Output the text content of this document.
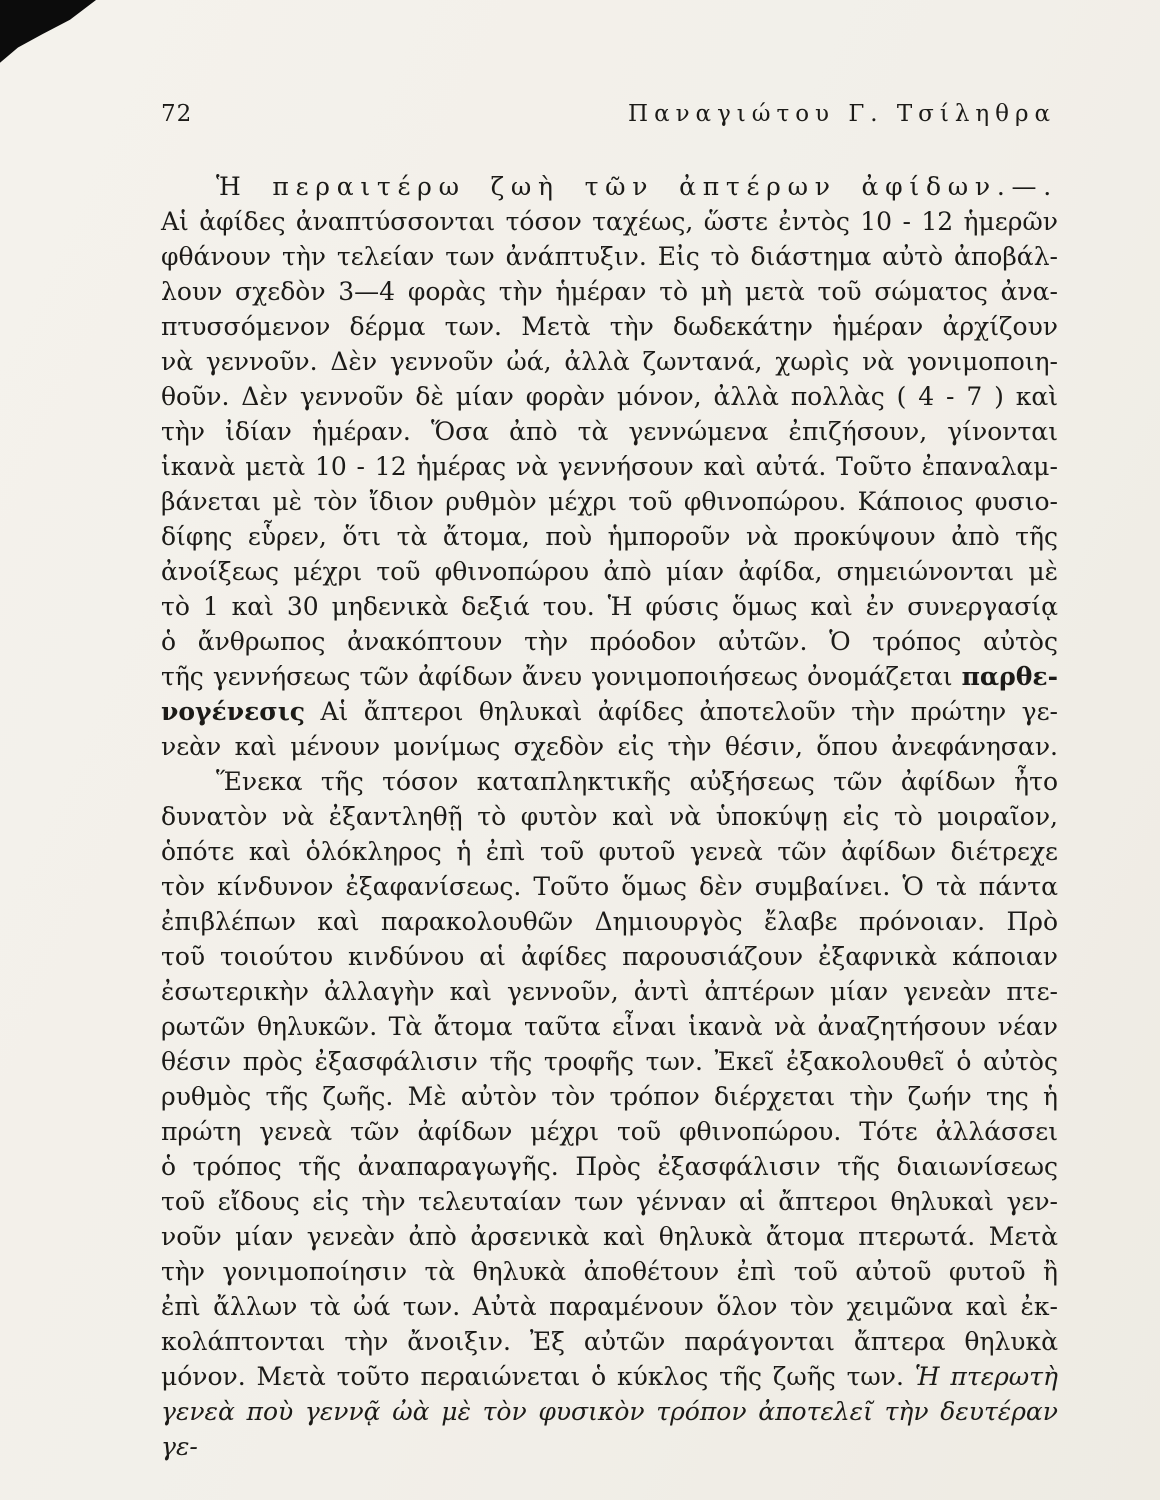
72	Παναγιώτου Γ. Τσίληθρα
Ἡ περαιτέρω ζωὴ τῶν ἀπτέρων ἀφίδων.—.
Αἱ ἀφίδες ἀναπτύσσονται τόσον ταχέως, ὥστε ἐντὸς 10 - 12 ἡμερῶν
φθάνουν τὴν τελείαν των ἀνάπτυξιν. Εἰς τὸ διάστημα αὐτὸ ἀποβάλ-
λουν σχεδὸν 3—4 φορὰς τὴν ἡμέραν τὸ μὴ μετὰ τοῦ σώματος ἀνα-
πτυσσόμενον δέρμα των. Μετὰ τὴν δωδεκάτην ἡμέραν ἀρχίζουν
νὰ γεννοῦν. Δὲν γεννοῦν ὠά, ἀλλὰ ζωντανά, χωρὶς νὰ γονιμοποιη-
θοῦν. Δὲν γεννοῦν δὲ μίαν φορὰν μόνον, ἀλλὰ πολλὰς ( 4 - 7 ) καὶ
τὴν ἰδίαν ἡμέραν. Ὅσα ἀπὸ τὰ γεννώμενα ἐπιζήσουν, γίνονται
ἱκανὰ μετὰ 10 - 12 ἡμέρας νὰ γεννήσουν καὶ αὐτά. Τοῦτο ἐπαναλαμ-
βάνεται μὲ τὸν ἴδιον ρυθμὸν μέχρι τοῦ φθινοπώρου. Κάποιος φυσιο-
δίφης εὗρεν, ὅτι τὰ ἄτομα, ποὺ ἡμποροῦν νὰ προκύψουν ἀπὸ τῆς
ἀνοίξεως μέχρι τοῦ φθινοπώρου ἀπὸ μίαν ἀφίδα, σημειώνονται μὲ
τὸ 1 καὶ 30 μηδενικὰ δεξιά του. Ἡ φύσις ὅμως καὶ ἐν συνεργασίᾳ
ὁ ἄνθρωπος ἀνακόπτουν τὴν πρόοδον αὐτῶν. Ὁ τρόπος αὐτὸς
τῆς γεννήσεως τῶν ἀφίδων ἄνευ γονιμοποιήσεως ὀνομάζεται παρθε-
νογένεσις Αἱ ἄπτεροι θηλυκαὶ ἀφίδες ἀποτελοῦν τὴν πρώτην γε-
νεὰν καὶ μένουν μονίμως σχεδὸν εἰς τὴν θέσιν, ὅπου ἀνεφάνησαν.
Ἕνεκα τῆς τόσον καταπληκτικῆς αὐξήσεως τῶν ἀφίδων ἦτο
δυνατὸν νὰ ἐξαντληθῇ τὸ φυτὸν καὶ νὰ ὑποκύψῃ εἰς τὸ μοιραῖον,
ὁπότε καὶ ὁλόκληρος ἡ ἐπὶ τοῦ φυτοῦ γενεὰ τῶν ἀφίδων διέτρεχε
τὸν κίνδυνον ἐξαφανίσεως. Τοῦτο ὅμως δὲν συμβαίνει. Ὁ τὰ πάντα
ἐπιβλέπων καὶ παρακολουθῶν Δημιουργὸς ἔλαβε πρόνοιαν. Πρὸ
τοῦ τοιούτου κινδύνου αἱ ἀφίδες παρουσιάζουν ἐξαφνικὰ κάποιαν
ἐσωτερικὴν ἀλλαγὴν καὶ γεννοῦν, ἀντὶ ἀπτέρων μίαν γενεὰν πτε-
ρωτῶν θηλυκῶν. Τὰ ἄτομα ταῦτα εἶναι ἱκανὰ νὰ ἀναζητήσουν νέαν
θέσιν πρὸς ἐξασφάλισιν τῆς τροφῆς των. Ἐκεῖ ἐξακολουθεῖ ὁ αὐτὸς
ρυθμὸς τῆς ζωῆς. Μὲ αὐτὸν τὸν τρόπον διέρχεται τὴν ζωήν της ἡ
πρώτη γενεὰ τῶν ἀφίδων μέχρι τοῦ φθινοπώρου. Τότε ἀλλάσσει
ὁ τρόπος τῆς ἀναπαραγωγῆς. Πρὸς ἐξασφάλισιν τῆς διαιωνίσεως
τοῦ εἴδους εἰς τὴν τελευταίαν των γένναν αἱ ἄπτεροι θηλυκαὶ γεν-
νοῦν μίαν γενεὰν ἀπὸ ἀρσενικὰ καὶ θηλυκὰ ἄτομα πτερωτά. Μετὰ
τὴν γονιμοποίησιν τὰ θηλυκὰ ἀποθέτουν ἐπὶ τοῦ αὐτοῦ φυτοῦ ἢ
ἐπὶ ἄλλων τὰ ὠά των. Αὐτὰ παραμένουν ὅλον τὸν χειμῶνα καὶ ἐκ-
κολάπτονται τὴν ἄνοιξιν. Ἐξ αὐτῶν παράγονται ἄπτερα θηλυκὰ
μόνον. Μετὰ τοῦτο περαιώνεται ὁ κύκλος τῆς ζωῆς των. Ἡ πτερωτὴ
γενεὰ ποὺ γεννᾷ ὠὰ μὲ τὸν φυσικὸν τρόπον ἀποτελεῖ τὴν δευτέραν γε-
